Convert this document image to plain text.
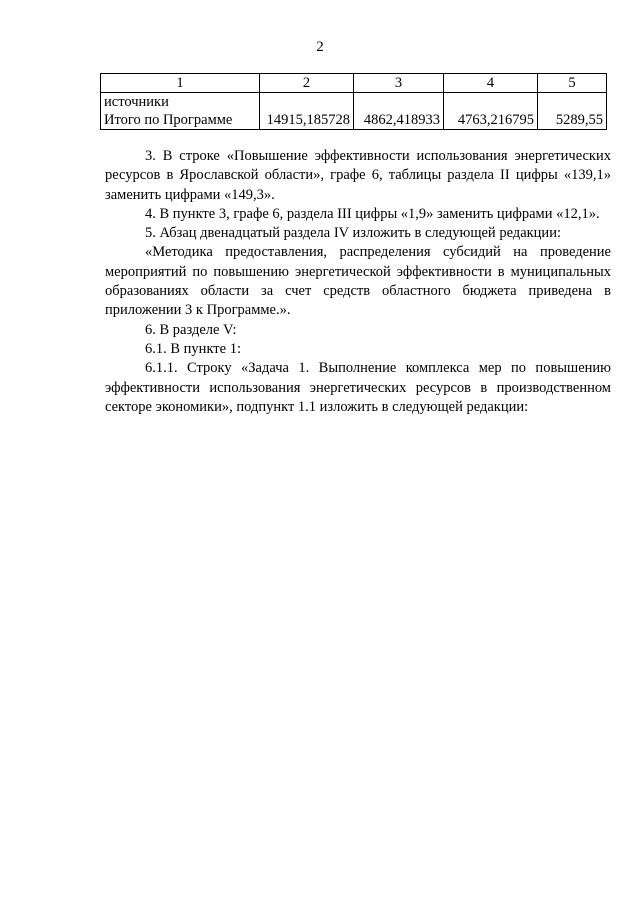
2
1	2	3	4	5
источники				
Итого по Программе	14915,185728	4862,418933	4763,216795	5289,55

3. В строке «Повышение эффективности использования энергетических ресурсов в Ярославской области», графе 6, таблицы раздела II цифры «139,1» заменить цифрами «149,3».

4. В пункте 3, графе 6, раздела III цифры «1,9» заменить цифрами «12,1».

5. Абзац двенадцатый раздела IV изложить в следующей редакции:

«Методика предоставления, распределения субсидий на проведение мероприятий по повышению энергетической эффективности в муниципальных образованиях области за счет средств областного бюджета приведена в приложении 3 к Программе.».

6. В разделе V:

6.1. В пункте 1:

6.1.1. Строку «Задача 1. Выполнение комплекса мер по повышению эффективности использования энергетических ресурсов в производственном секторе экономики», подпункт 1.1 изложить в следующей редакции:
